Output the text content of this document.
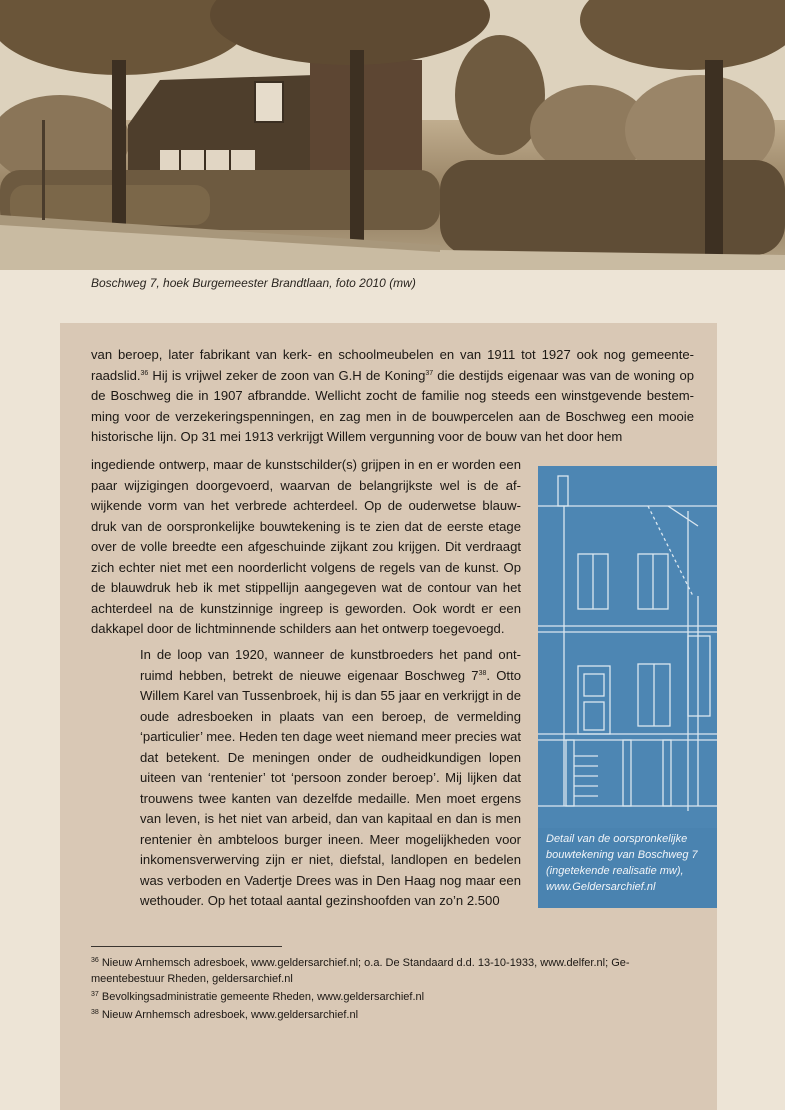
Boschweg 7, hoek Burgemeester Brandtlaan, foto 2010 (mw)

van beroep, later fabrikant van kerk- en schoolmeubelen en van 1911 tot 1927 ook nog gemeente-raadslid.$^{36}$ Hij is vrijwel zeker de zoon van G.H de Koning$^{37}$ die destijds eigenaar was van de woning op de Boschweg die in 1907 afbrandde. Wellicht zocht de familie nog steeds een winstgevende bestem-ming voor de verzekeringspenningen, en zag men in de bouwpercelen aan de Boschweg een mooie historische lijn. Op 31 mei 1913 verkrijgt Willem vergunning voor de bouw van het door hem

ingediende ontwerp, maar de kunstschilder(s) grijpen in en er worden een paar wijzigingen doorgevoerd, waarvan de belangrijkste wel is de af-wijkende vorm van het verbrede achterdeel. Op de ouderwetse blauw-druk van de oorspronkelijke bouwtekening is te zien dat de eerste etage over de volle breedte een afgeschuinde zijkant zou krijgen. Dit verdraagt zich echter niet met een noorderlicht volgens de regels van de kunst. Op de blauwdruk heb ik met stippellijn aangegeven wat de contour van het achterdeel na de kunstzinnige ingreep is geworden. Ook wordt er een dakkapel door de lichtminnende schilders aan het ontwerp toegevoegd.

In de loop van 1920, wanneer de kunstbroeders het pand ont-ruimd hebben, betrekt de nieuwe eigenaar Boschweg $7^{38}$. Otto Willem Karel van Tussenbroek, hij is dan 55 jaar en verkrijgt in de oude adresboeken in plaats van een beroep, de vermelding ‘particulier’ mee. Heden ten dage weet niemand meer precies wat dat betekent. De meningen onder de oudheidkundigen lopen uiteen van ‘rentenier’ tot ‘persoon zonder beroep’. Mij lijken dat trouwens twee kanten van dezelfde medaille. Men moet ergens van leven, is het niet van arbeid, dan van kapitaal en dan is men rentenier èn ambteloos burger ineen. Meer mogelijkheden voor inkomensverwerving zijn er niet, diefstal, landlopen en bedelen was verboden en Vadertje Drees was in Den Haag nog maar een wethouder. Op het totaal aantal gezinshoofden van zo’n 2.500

Detail van de oorspronkelijke bouwtekening van Boschweg 7 (ingetekende realisatie mw), www.Geldersarchief.nl

$^{36}$ Nieuw Arnhemsch adresboek, www.geldersarchief.nl; o.a. De Standaard d.d. 13-10-1933, www.delfer.nl; Ge-meentebestuur Rheden, geldersarchief.nl

$^{37}$ Bevolkingsadministratie gemeente Rheden, www.geldersarchief.nl

$^{38}$ Nieuw Arnhemsch adresboek, www.geldersarchief.nl
